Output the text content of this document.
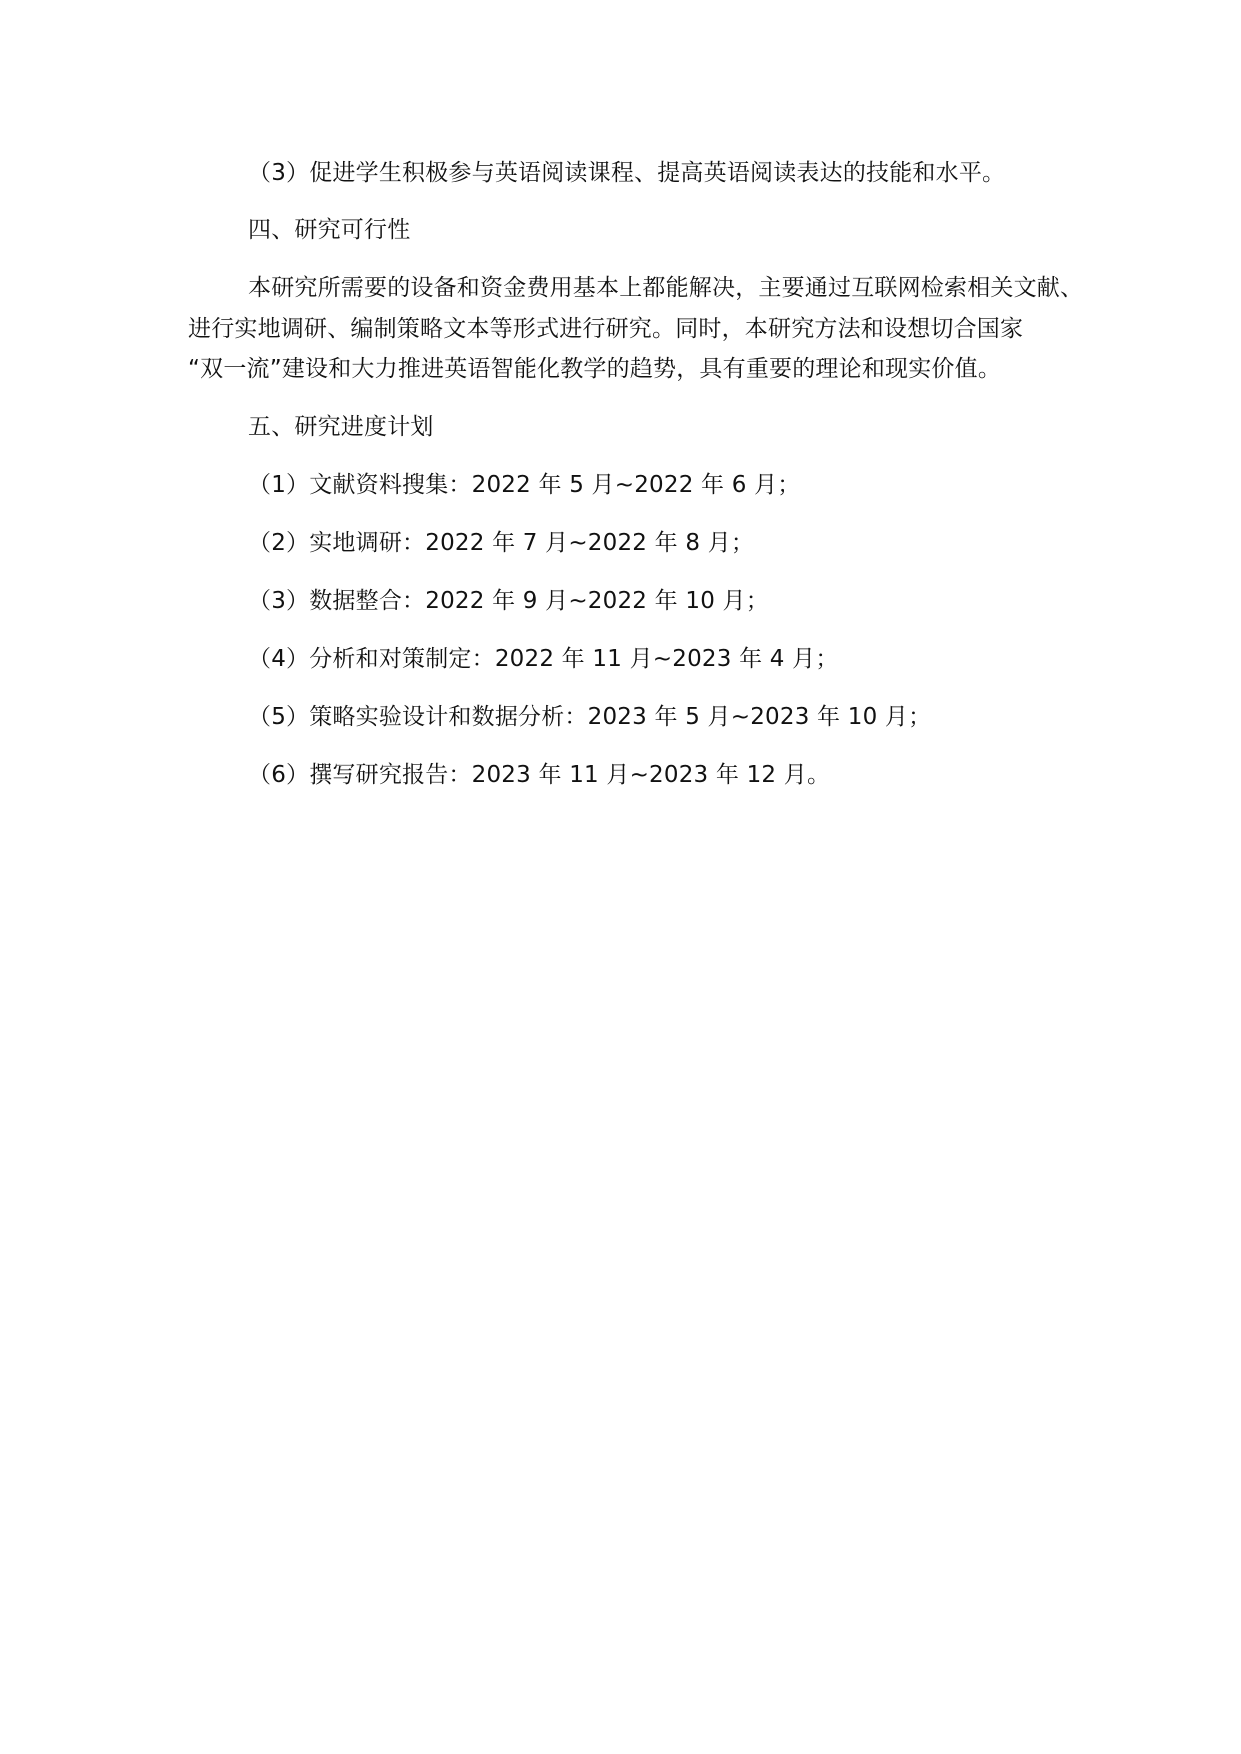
（3）促进学生积极参与英语阅读课程、提高英语阅读表达的技能和水平。
四、研究可行性
本研究所需要的设备和资金费用基本上都能解决，主要通过互联网检索相关文献、
进行实地调研、编制策略文本等形式进行研究。同时，本研究方法和设想切合国家
“双一流”建设和大力推进英语智能化教学的趋势，具有重要的理论和现实价值。
五、研究进度计划
（1）文献资料搜集：2022 年 5 月~2022 年 6 月；
（2）实地调研：2022 年 7 月~2022 年 8 月；
（3）数据整合：2022 年 9 月~2022 年 10 月；
（4）分析和对策制定：2022 年 11 月~2023 年 4 月；
（5）策略实验设计和数据分析：2023 年 5 月~2023 年 10 月；
（6）撰写研究报告：2023 年 11 月~2023 年 12 月。
